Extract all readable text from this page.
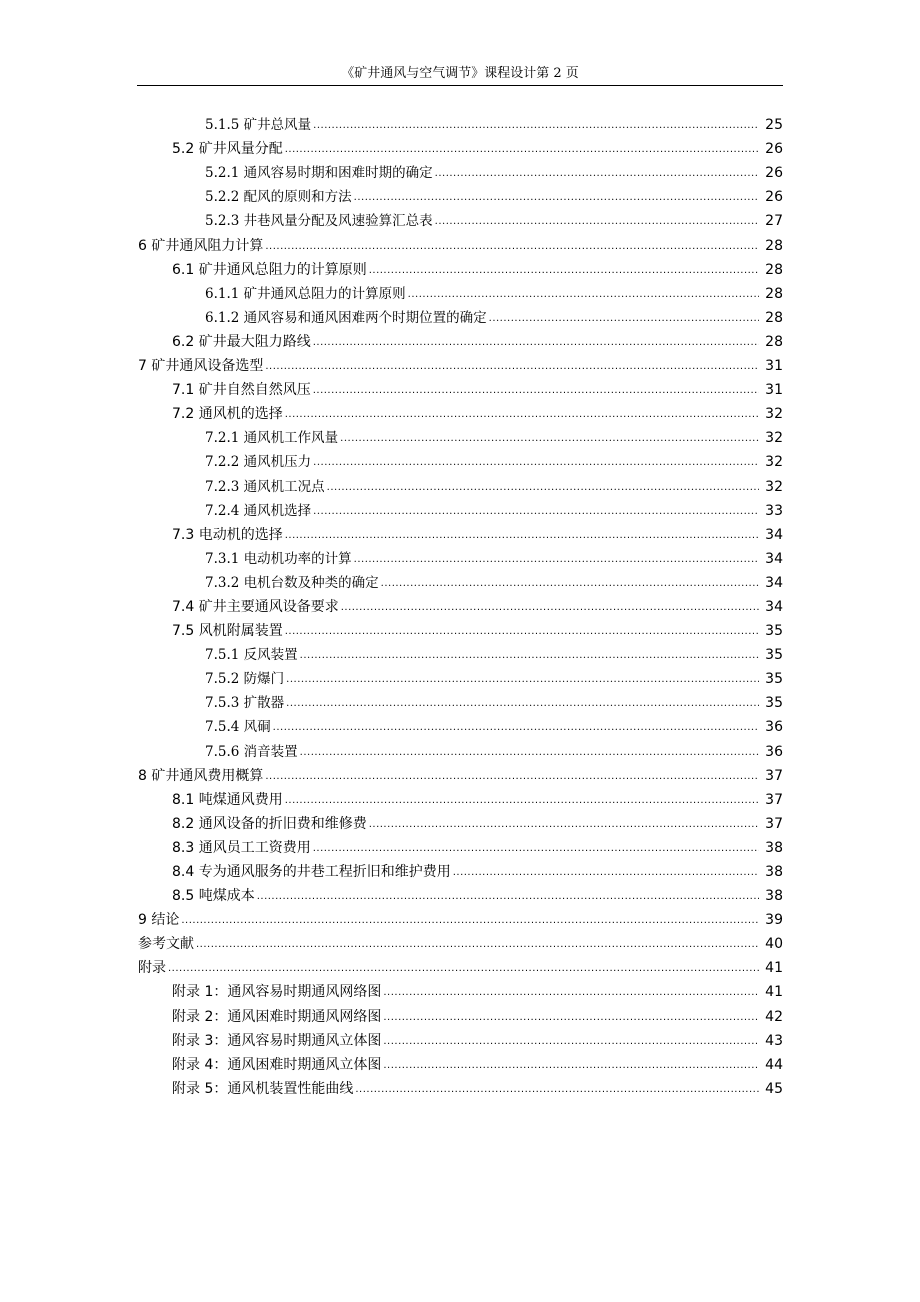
《矿井通风与空气调节》课程设计第 2 页
5.1.5 矿井总风量 .....	25
5.2 矿井风量分配 .....	26
5.2.1 通风容易时期和困难时期的确定 .....	26
5.2.2 配风的原则和方法 .....	26
5.2.3 井巷风量分配及风速验算汇总表 .....	27
6 矿井通风阻力计算 .....	28
6.1 矿井通风总阻力的计算原则 .....	28
6.1.1 矿井通风总阻力的计算原则 .....	28
6.1.2 通风容易和通风困难两个时期位置的确定 .....	28
6.2 矿井最大阻力路线 .....	28
7 矿井通风设备选型 .....	31
7.1 矿井自然自然风压 .....	31
7.2 通风机的选择 .....	32
7.2.1 通风机工作风量 .....	32
7.2.2 通风机压力 .....	32
7.2.3 通风机工况点 .....	32
7.2.4 通风机选择 .....	33
7.3 电动机的选择 .....	34
7.3.1 电动机功率的计算 .....	34
7.3.2 电机台数及种类的确定 .....	34
7.4 矿井主要通风设备要求 .....	34
7.5 风机附属装置 .....	35
7.5.1 反风装置 .....	35
7.5.2 防爆门 .....	35
7.5.3 扩散器 .....	35
7.5.4 风硐 .....	36
7.5.6 消音装置 .....	36
8 矿井通风费用概算 .....	37
8.1 吨煤通风费用 .....	37
8.2 通风设备的折旧费和维修费 .....	37
8.3 通风员工工资费用 .....	38
8.4 专为通风服务的井巷工程折旧和维护费用 .....	38
8.5 吨煤成本 .....	38
9 结论 .....	39
参考文献 .....	40
附录 .....	41
附录 1：通风容易时期通风网络图 .....	41
附录 2：通风困难时期通风网络图 .....	42
附录 3：通风容易时期通风立体图 .....	43
附录 4：通风困难时期通风立体图 .....	44
附录 5：通风机装置性能曲线 .....	45
